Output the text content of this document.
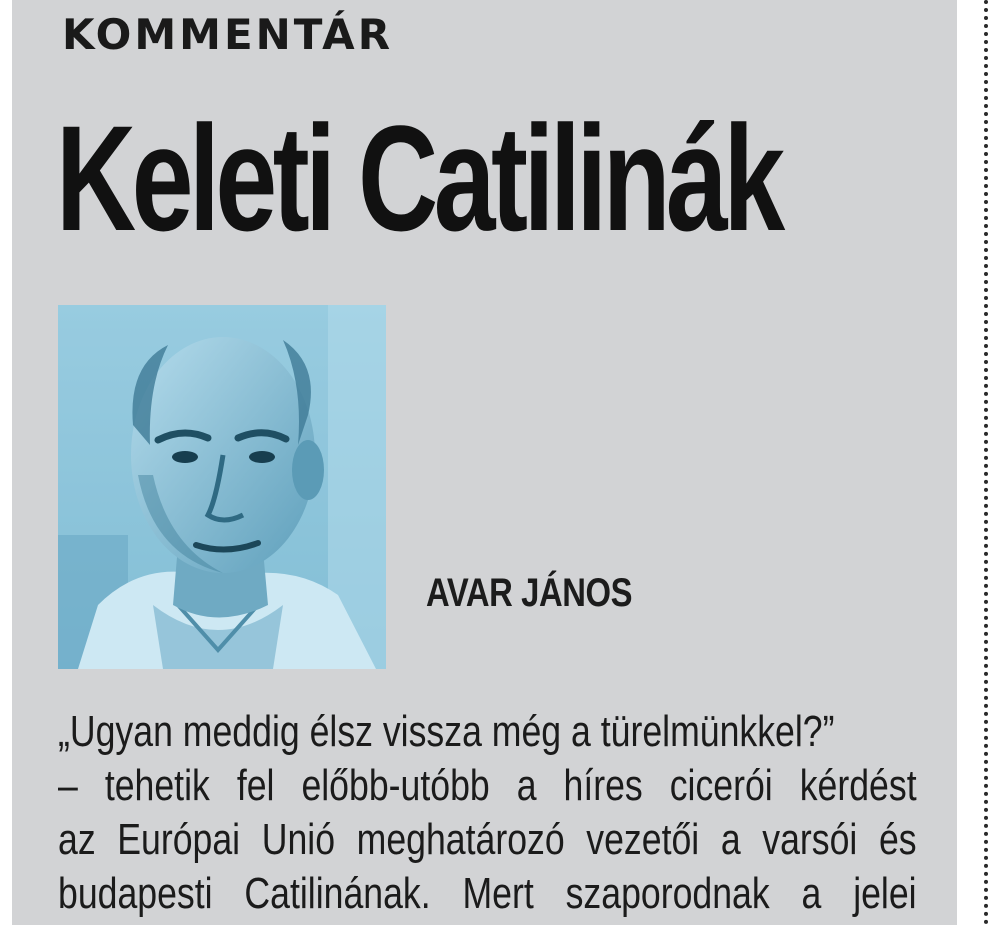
KOMMENTÁR
Keleti Catilinák
AVAR JÁNOS
„Ugyan meddig élsz vissza még a türelmünkkel?”
– tehetik fel előbb-utóbb a híres cicerói kérdést
az Európai Unió meghatározó vezetői a varsói és
budapesti Catilinának. Mert szaporodnak a jelei
